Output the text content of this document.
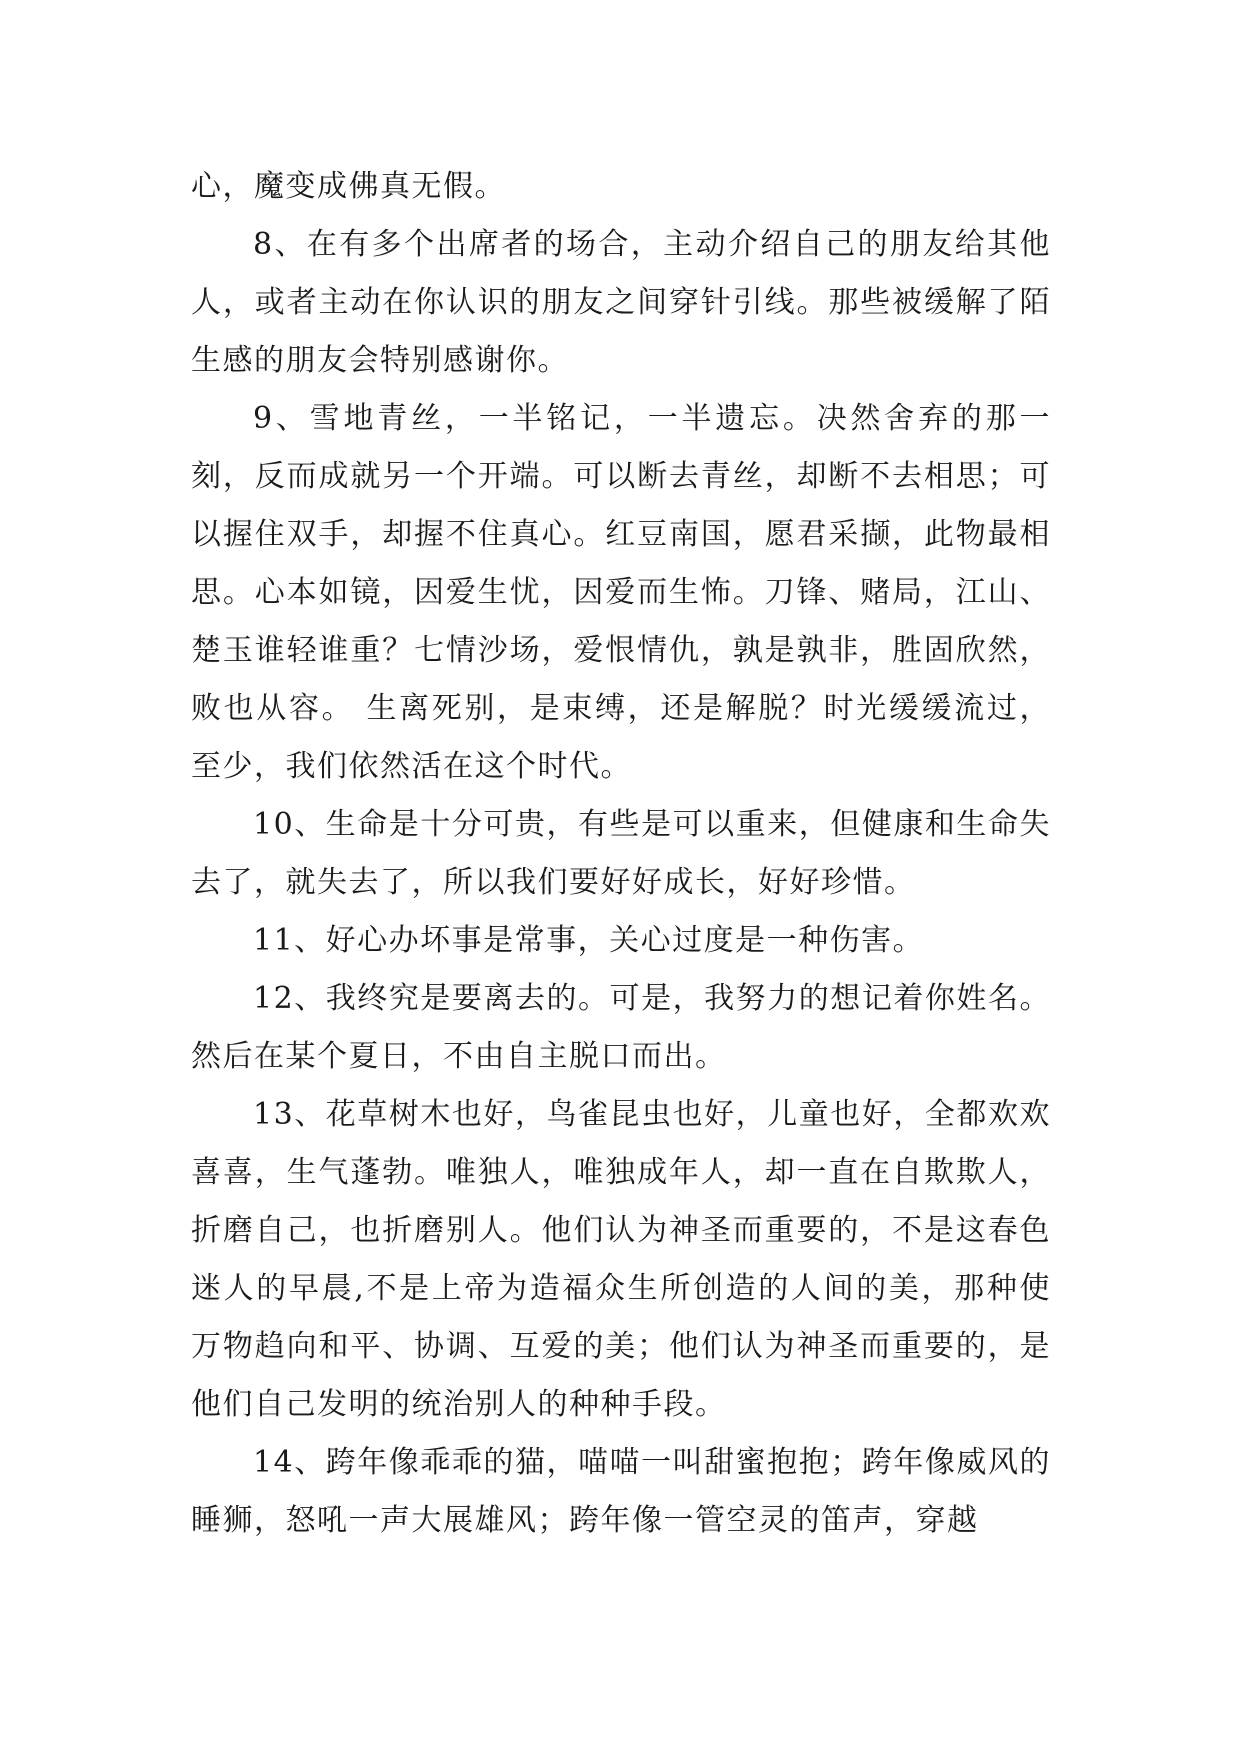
心，魔变成佛真无假。

8、在有多个出席者的场合，主动介绍自己的朋友给其他人，或者主动在你认识的朋友之间穿针引线。那些被缓解了陌生感的朋友会特别感谢你。

9、雪地青丝，一半铭记，一半遗忘。决然舍弃的那一刻，反而成就另一个开端。可以断去青丝，却断不去相思；可以握住双手，却握不住真心。红豆南国，愿君采撷，此物最相思。心本如镜，因爱生忧，因爱而生怖。刀锋、赌局，江山、楚玉谁轻谁重？七情沙场，爱恨情仇，孰是孰非，胜固欣然，败也从容。 生离死别，是束缚，还是解脱？时光缓缓流过，至少，我们依然活在这个时代。

10、生命是十分可贵，有些是可以重来，但健康和生命失去了，就失去了，所以我们要好好成长，好好珍惜。

11、好心办坏事是常事，关心过度是一种伤害。

12、我终究是要离去的。可是，我努力的想记着你姓名。然后在某个夏日，不由自主脱口而出。

13、花草树木也好，鸟雀昆虫也好，儿童也好，全都欢欢喜喜，生气蓬勃。唯独人，唯独成年人，却一直在自欺欺人，折磨自己，也折磨别人。他们认为神圣而重要的，不是这春色迷人的早晨,不是上帝为造福众生所创造的人间的美，那种使万物趋向和平、协调、互爱的美；他们认为神圣而重要的，是他们自己发明的统治别人的种种手段。

14、跨年像乖乖的猫，喵喵一叫甜蜜抱抱；跨年像威风的睡狮，怒吼一声大展雄风；跨年像一管空灵的笛声，穿越
